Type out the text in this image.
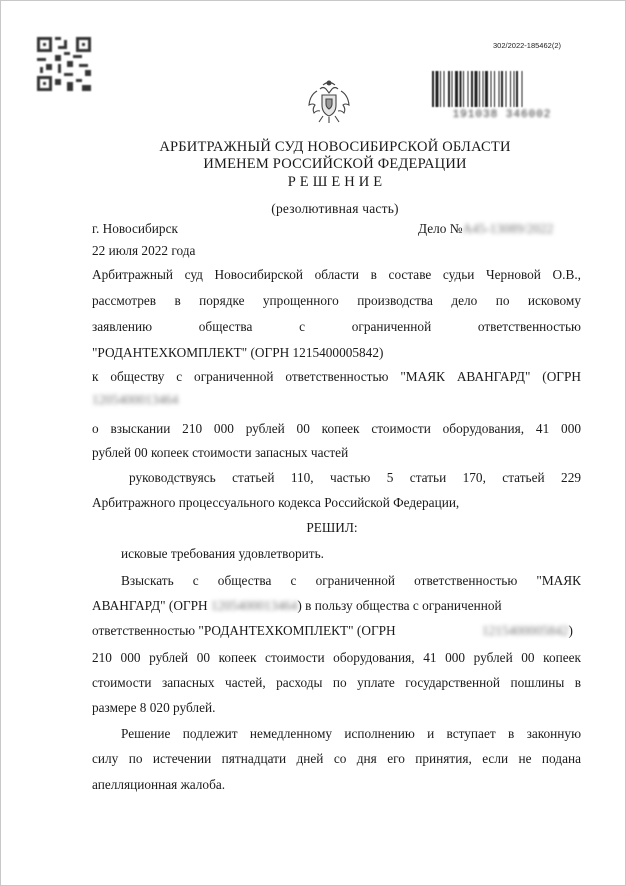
302/2022-185462(2)
191038 346002
АРБИТРАЖНЫЙ СУД НОВОСИБИРСКОЙ ОБЛАСТИ
ИМЕНЕМ РОССИЙСКОЙ ФЕДЕРАЦИИ
Р Е Ш Е Н И Е
(резолютивная часть)
г. Новосибирск	Дело №А45-13089/2022
22 июля 2022 года
Арбитражный суд Новосибирской области в составе судьи Черновой О.В.,
рассмотрев в порядке упрощенного производства дело по исковому
заявлению общества с ограниченной ответственностью
"РОДАНТЕХКОМПЛЕКТ" (ОГРН 1215400005842)
к обществу с ограниченной ответственностью "МАЯК АВАНГАРД" (ОГРН
1205400013464
о взыскании 210 000 рублей 00 копеек стоимости оборудования, 41 000
рублей 00 копеек стоимости запасных частей
руководствуясь статьей 110, частью 5 статьи 170, статьей 229
Арбитражного процессуального кодекса Российской Федерации,
РЕШИЛ:
исковые требования удовлетворить.
Взыскать с общества с ограниченной ответственностью "МАЯК
АВАНГАРД" (ОГРН 1205400013464) в пользу общества с ограниченной
ответственностью "РОДАНТЕХКОМПЛЕКТ" (ОГРН	1215400005842)
210 000 рублей 00 копеек стоимости оборудования, 41 000 рублей 00 копеек
стоимости запасных частей, расходы по уплате государственной пошлины в
размере 8 020 рублей.
Решение подлежит немедленному исполнению и вступает в законную
силу по истечении пятнадцати дней со дня его принятия, если не подана
апелляционная жалоба.
